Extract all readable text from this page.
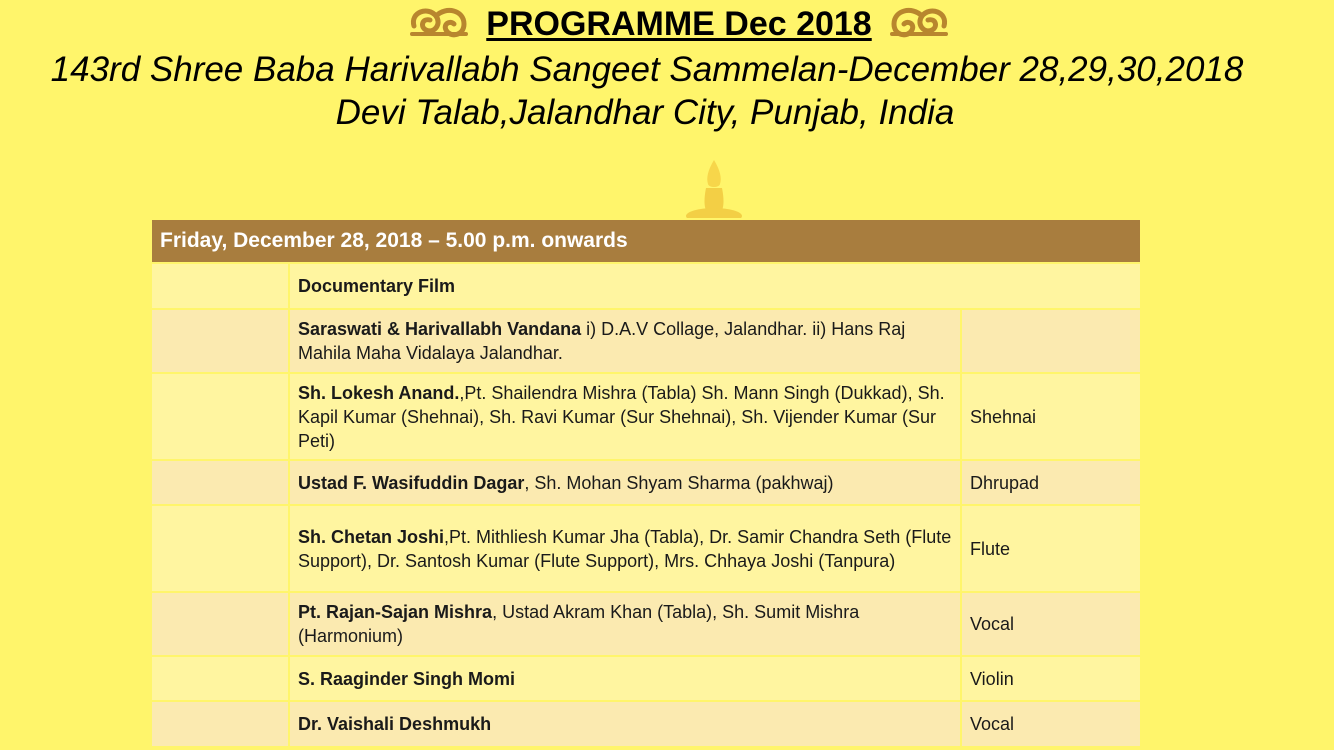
PROGRAMME Dec 2018
143rd Shree Baba Harivallabh Sangeet Sammelan-December 28,29,30,2018
Devi Talab,Jalandhar City, Punjab, India
Friday, December 28, 2018 – 5.00 p.m. onwards		
	Documentary Film	
	Saraswati & Harivallabh Vandana i) D.A.V Collage, Jalandhar. ii) Hans Raj Mahila Maha Vidalaya Jalandhar.	
	Sh. Lokesh Anand.,Pt. Shailendra Mishra (Tabla) Sh. Mann Singh (Dukkad), Sh. Kapil Kumar (Shehnai), Sh. Ravi Kumar (Sur Shehnai), Sh. Vijender Kumar (Sur Peti)	Shehnai
	Ustad F. Wasifuddin Dagar, Sh. Mohan Shyam Sharma (pakhwaj)	Dhrupad
	Sh. Chetan Joshi,Pt. Mithliesh Kumar Jha (Tabla), Dr. Samir Chandra Seth (Flute Support), Dr. Santosh Kumar (Flute Support), Mrs. Chhaya Joshi (Tanpura)	Flute
	Pt. Rajan-Sajan Mishra, Ustad Akram Khan (Tabla), Sh. Sumit Mishra (Harmonium)	Vocal
	S. Raaginder Singh Momi	Violin
	Dr. Vaishali Deshmukh	Vocal
